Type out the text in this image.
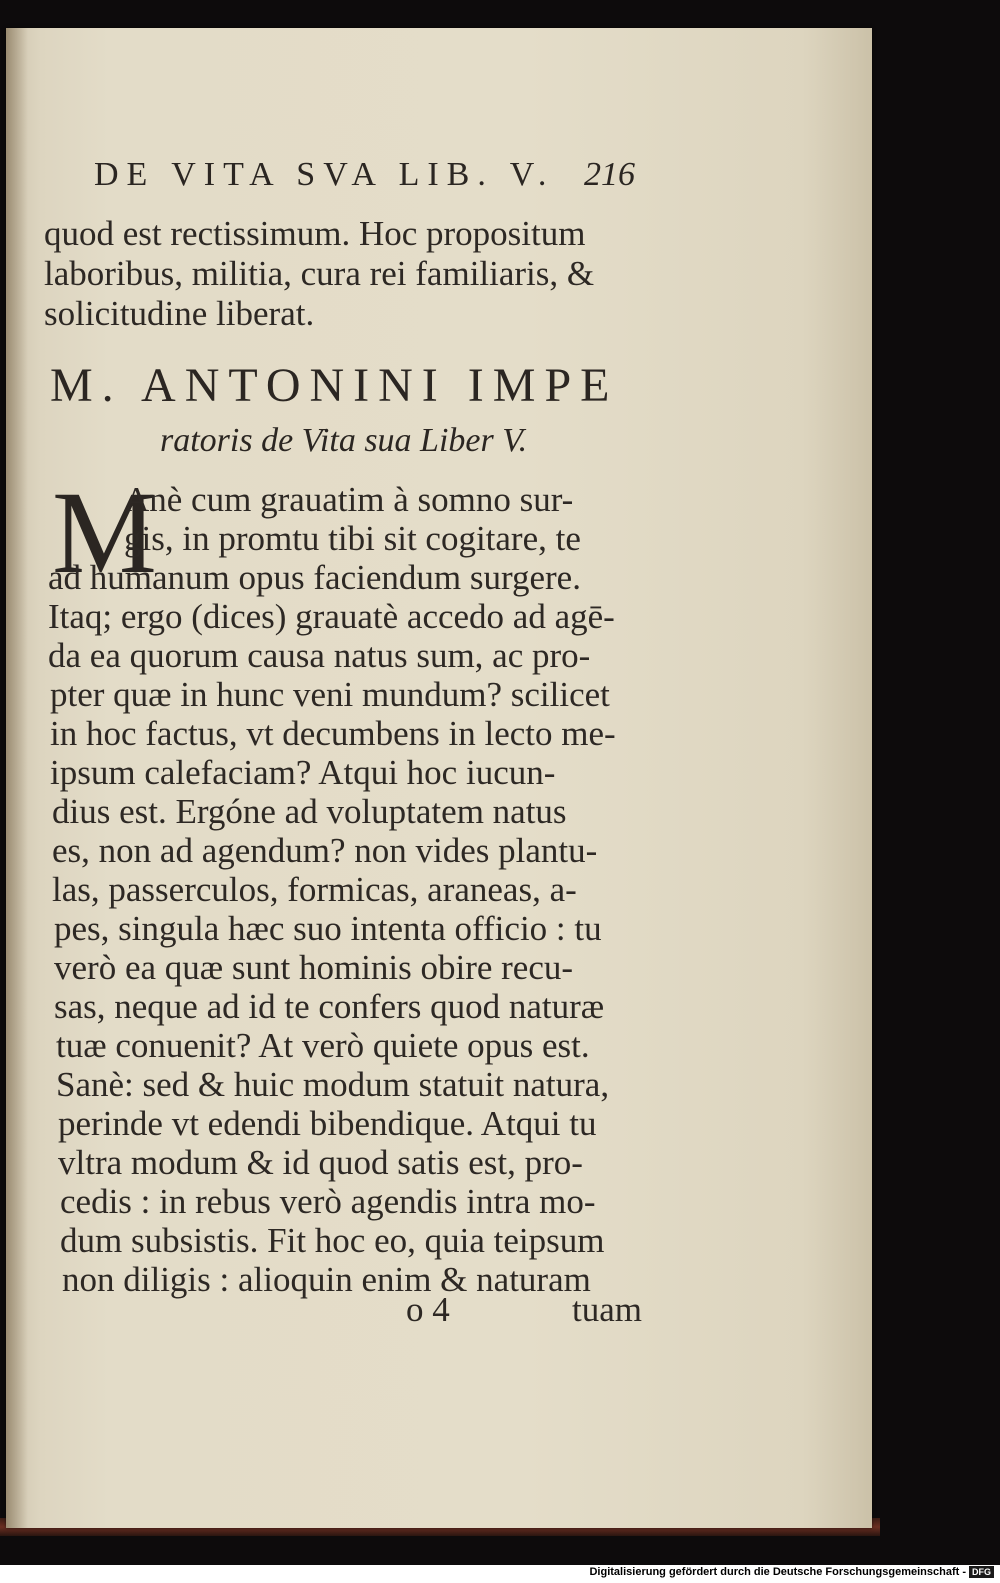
DE VITA SVA LIB. V. 216
quod est rectissimum. Hoc propositum
laboribus, militia, cura rei familiaris, &
solicitudine liberat.
M. ANTONINI IMPE
ratoris de Vita sua Liber V.
M
Anè cum grauatim à somno sur-
gis, in promtu tibi sit cogitare, te
ad humanum opus faciendum surgere.
Itaq; ergo (dices) grauatè accedo ad agē-
da ea quorum causa natus sum, ac pro-
pter quæ in hunc veni mundum? scilicet
in hoc factus, vt decumbens in lecto me-
ipsum calefaciam? Atqui hoc iucun-
dius est. Ergóne ad voluptatem natus
es, non ad agendum? non vides plantu-
las, passerculos, formicas, araneas, a-
pes, singula hæc suo intenta officio : tu
verò ea quæ sunt hominis obire recu-
sas, neque ad id te confers quod naturæ
tuæ conuenit? At verò quiete opus est.
Sanè: sed & huic modum statuit natura,
perinde vt edendi bibendique. Atqui tu
vltra modum & id quod satis est, pro-
cedis : in rebus verò agendis intra mo-
dum subsistis. Fit hoc eo, quia teipsum
non diligis : alioquin enim & naturam
o 4	tuam
Digitalisierung gefördert durch die Deutsche Forschungsgemeinschaft - DFG
